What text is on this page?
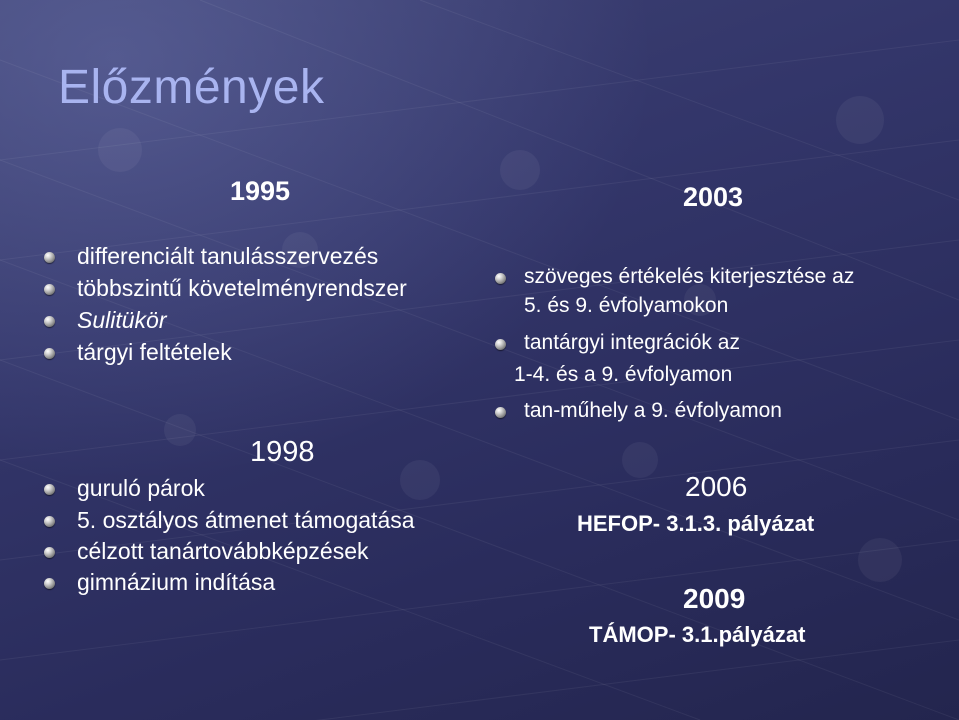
Előzmények

1995

differenciált tanulásszervezés

többszintű követelményrendszer

Sulitükör

tárgyi feltételek

1998

guruló párok

5. osztályos átmenet támogatása

célzott tanártovábbképzések

gimnázium indítása

2003

szöveges értékelés kiterjesztése az

5. és 9. évfolyamokon

tantárgyi integrációk az

1-4. és a 9. évfolyamon

tan-műhely a 9. évfolyamon

2006

HEFOP- 3.1.3. pályázat

2009

TÁMOP- 3.1.pályázat
